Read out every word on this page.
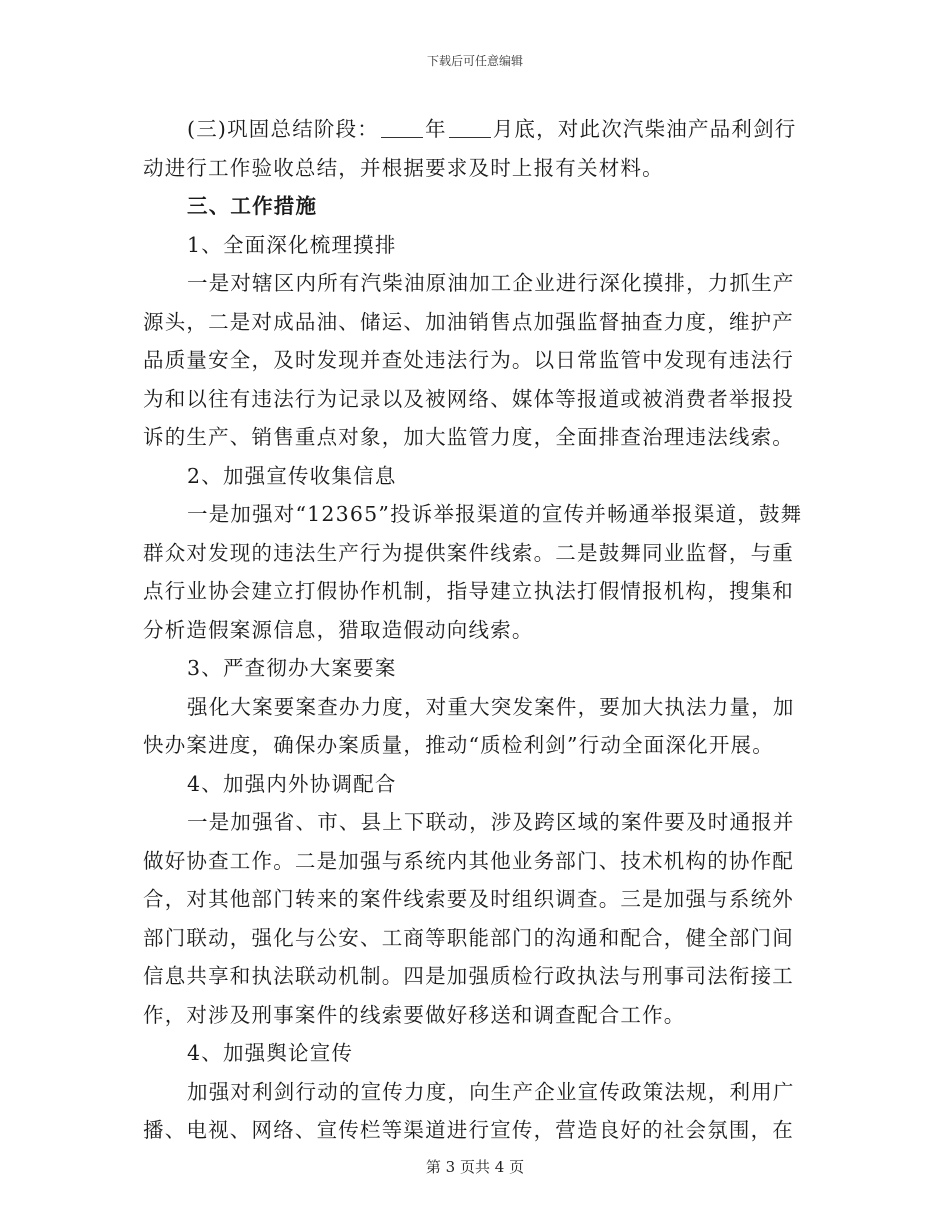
下载后可任意编辑
(三)巩固总结阶段： 年 月底，对此次汽柴油产品利剑行
动进行工作验收总结，并根据要求及时上报有关材料。
三、工作措施
1、全面深化梳理摸排
一是对辖区内所有汽柴油原油加工企业进行深化摸排，力抓生产
源头，二是对成品油、储运、加油销售点加强监督抽查力度，维护产
品质量安全，及时发现并查处违法行为。以日常监管中发现有违法行
为和以往有违法行为记录以及被网络、媒体等报道或被消费者举报投
诉的生产、销售重点对象，加大监管力度，全面排查治理违法线索。
2、加强宣传收集信息
一是加强对“12365”投诉举报渠道的宣传并畅通举报渠道，鼓舞
群众对发现的违法生产行为提供案件线索。二是鼓舞同业监督，与重
点行业协会建立打假协作机制，指导建立执法打假情报机构，搜集和
分析造假案源信息，猎取造假动向线索。
3、严查彻办大案要案
强化大案要案查办力度，对重大突发案件，要加大执法力量，加
快办案进度，确保办案质量，推动“质检利剑”行动全面深化开展。
4、加强内外协调配合
一是加强省、市、县上下联动，涉及跨区域的案件要及时通报并
做好协查工作。二是加强与系统内其他业务部门、技术机构的协作配
合，对其他部门转来的案件线索要及时组织调查。三是加强与系统外
部门联动，强化与公安、工商等职能部门的沟通和配合，健全部门间
信息共享和执法联动机制。四是加强质检行政执法与刑事司法衔接工
作，对涉及刑事案件的线索要做好移送和调查配合工作。
4、加强舆论宣传
加强对利剑行动的宣传力度，向生产企业宣传政策法规，利用广
播、电视、网络、宣传栏等渠道进行宣传，营造良好的社会氛围，在
第 3 页共 4 页
